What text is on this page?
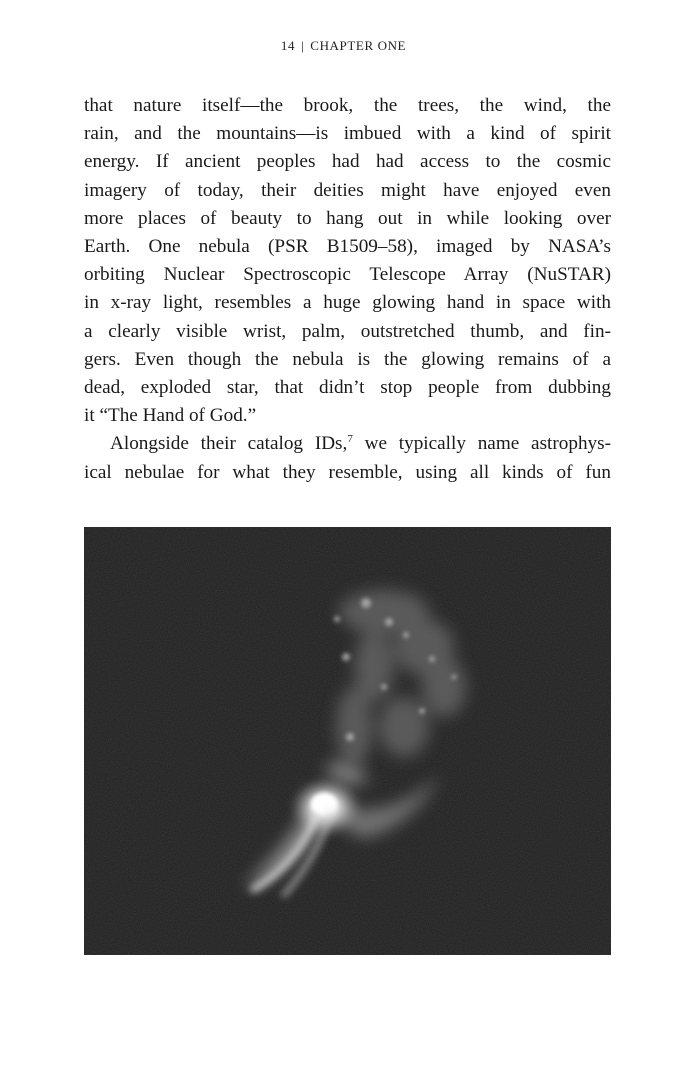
14 | CHAPTER ONE

that nature itself—the brook, the trees, the wind, the
rain, and the mountains—is imbued with a kind of spirit
energy. If ancient peoples had had access to the cosmic
imagery of today, their deities might have enjoyed even
more places of beauty to hang out in while looking over
Earth. One nebula (PSR B1509–58), imaged by NASA’s
orbiting Nuclear Spectroscopic Telescope Array (NuSTAR)
in x-ray light, resembles a huge glowing hand in space with
a clearly visible wrist, palm, outstretched thumb, and fin-
gers. Even though the nebula is the glowing remains of a
dead, exploded star, that didn’t stop people from dubbing
it “The Hand of God.”

Alongside their catalog IDs,$^7$ we typically name astrophys-
ical nebulae for what they resemble, using all kinds of fun
